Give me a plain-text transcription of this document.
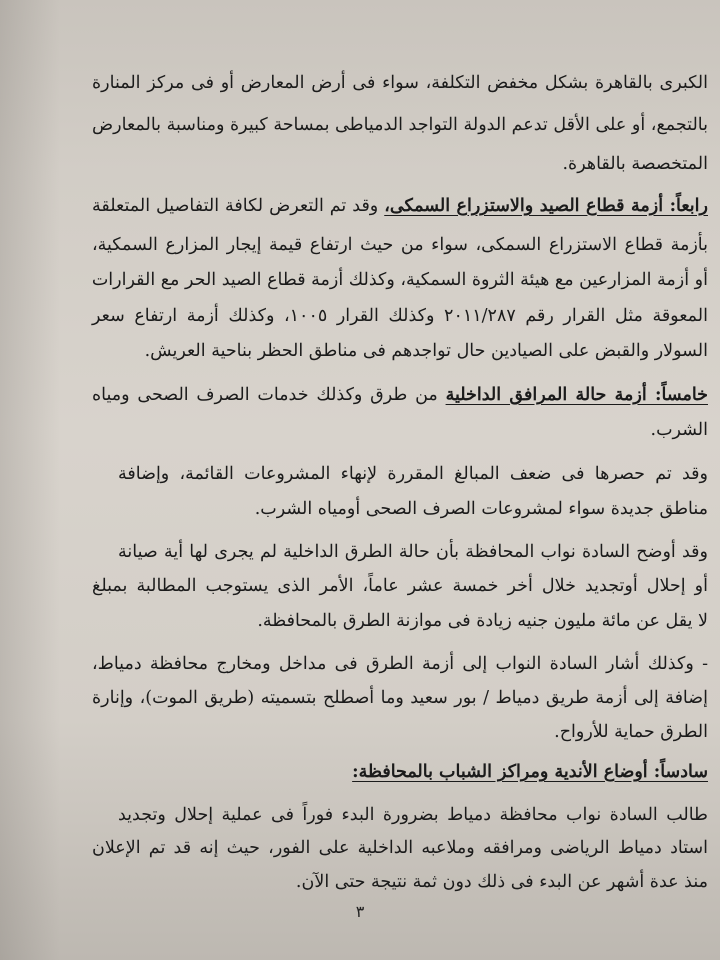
الكبرى بالقاهرة بشكل مخفض التكلفة، سواء فى أرض المعارض أو فى مركز المنارة
بالتجمع، أو على الأقل تدعم الدولة التواجد الدمياطى بمساحة كبيرة ومناسبة بالمعارض
المتخصصة بالقاهرة.
رابعاً: أزمة قطاع الصيد والاستزراع السمكى، وقد تم التعرض لكافة التفاصيل المتعلقة
بأزمة قطاع الاستزراع السمكى، سواء من حيث ارتفاع قيمة إيجار المزارع السمكية،
أو أزمة المزارعين مع هيئة الثروة السمكية، وكذلك أزمة قطاع الصيد الحر مع القرارات
المعوقة مثل القرار رقم ٢٠١١/٢٨٧ وكذلك القرار ١٠٠٥، وكذلك أزمة ارتفاع سعر
السولار والقبض على الصيادين حال تواجدهم فى مناطق الحظر بناحية العريش.
خامساً: أزمة حالة المرافق الداخلية من طرق وكذلك خدمات الصرف الصحى ومياه
الشرب.
وقد تم حصرها فى ضعف المبالغ المقررة لإنهاء المشروعات القائمة، وإضافة
مناطق جديدة سواء لمشروعات الصرف الصحى أومياه الشرب.
وقد أوضح السادة نواب المحافظة بأن حالة الطرق الداخلية لم يجرى لها أية صيانة
أو إحلال أوتجديد خلال أخر خمسة عشر عاماً، الأمر الذى يستوجب المطالبة بمبلغ
لا يقل عن مائة مليون جنيه زيادة فى موازنة الطرق بالمحافظة.
- وكذلك أشار السادة النواب إلى أزمة الطرق فى مداخل ومخارج محافظة دمياط،
إضافة إلى أزمة طريق دمياط / بور سعيد وما أصطلح بتسميته (طريق الموت)، وإنارة
الطرق حماية للأرواح.
سادساً: أوضاع الأندية ومراكز الشباب بالمحافظة:
طالب السادة نواب محافظة دمياط بضرورة البدء فوراً فى عملية إحلال وتجديد
استاد دمياط الرياضى ومرافقه وملاعبه الداخلية على الفور، حيث إنه قد تم الإعلان
منذ عدة أشهر عن البدء فى ذلك دون ثمة نتيجة حتى الآن.
٣
